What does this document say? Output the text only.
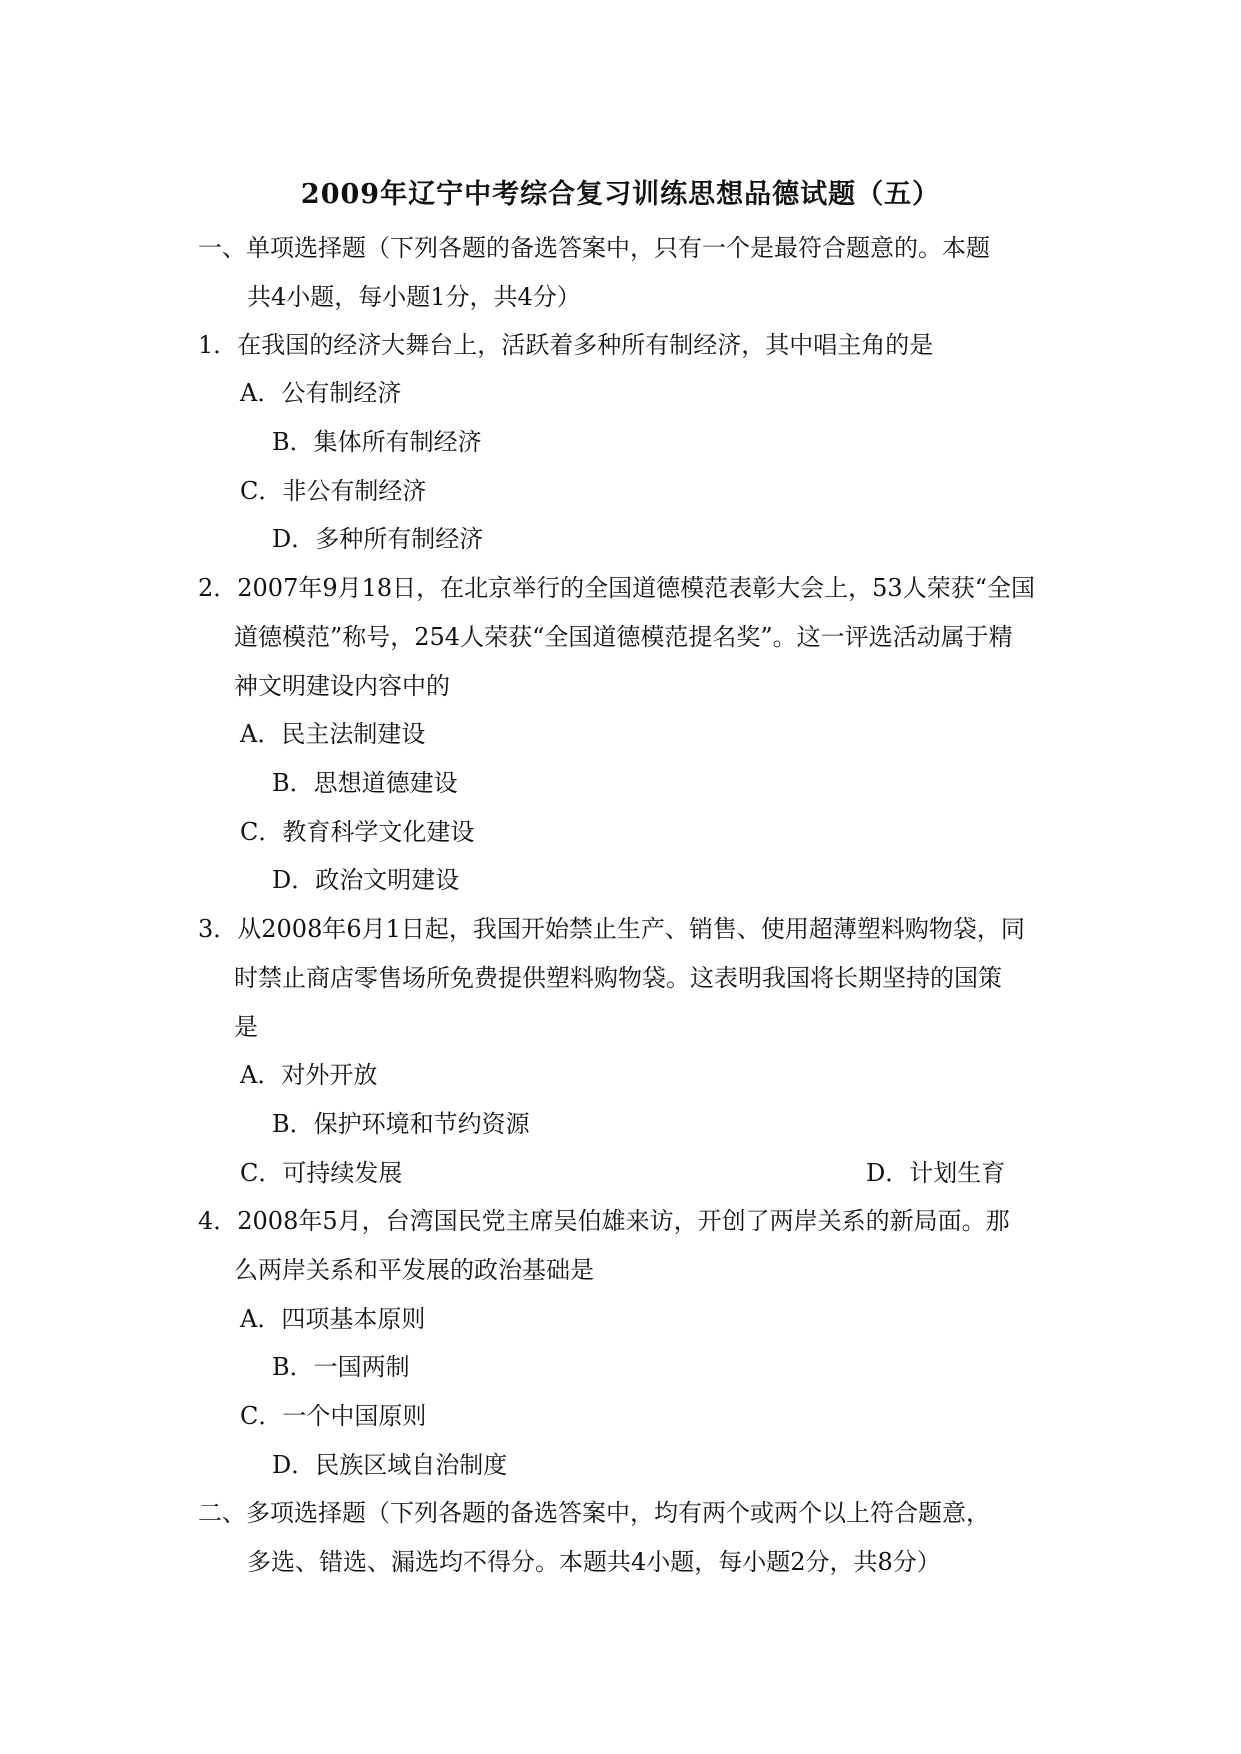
2009年辽宁中考综合复习训练思想品德试题（五）
一、单项选择题（下列各题的备选答案中，只有一个是最符合题意的。本题
共4小题，每小题1分，共4分）
1．在我国的经济大舞台上，活跃着多种所有制经济，其中唱主角的是
A．公有制经济
B．集体所有制经济
C．非公有制经济
D．多种所有制经济
2．2007年9月18日，在北京举行的全国道德模范表彰大会上，53人荣获“全国
道德模范”称号，254人荣获“全国道德模范提名奖”。这一评选活动属于精
神文明建设内容中的
A．民主法制建设
B．思想道德建设
C．教育科学文化建设
D．政治文明建设
3．从2008年6月1日起，我国开始禁止生产、销售、使用超薄塑料购物袋，同
时禁止商店零售场所免费提供塑料购物袋。这表明我国将长期坚持的国策
是
A．对外开放
B．保护环境和节约资源
C．可持续发展	D．计划生育
4．2008年5月，台湾国民党主席吴伯雄来访，开创了两岸关系的新局面。那
么两岸关系和平发展的政治基础是
A．四项基本原则
B．一国两制
C．一个中国原则
D．民族区域自治制度
二、多项选择题（下列各题的备选答案中，均有两个或两个以上符合题意，
多选、错选、漏选均不得分。本题共4小题，每小题2分，共8分）
